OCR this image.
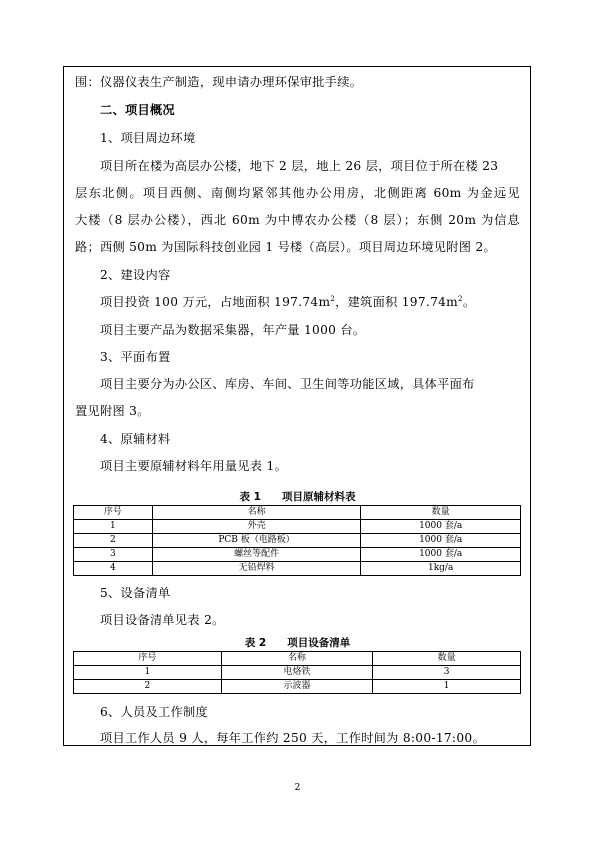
围：仪器仪表生产制造，现申请办理环保审批手续。
二、项目概况
1、项目周边环境
项目所在楼为高层办公楼，地下 2 层，地上 26 层，项目位于所在楼 23
层东北侧。项目西侧、南侧均紧邻其他办公用房，北侧距离 60m 为金远见
大楼（8 层办公楼），西北 60m 为中博农办公楼（8 层）；东侧 20m 为信息
路；西侧 50m 为国际科技创业园 1 号楼（高层）。项目周边环境见附图 2。
2、建设内容
项目投资 100 万元，占地面积 $197.74m^2$，建筑面积 $197.74m^2$。
项目主要产品为数据采集器，年产量 1000 台。
3、平面布置
项目主要分为办公区、库房、车间、卫生间等功能区域，具体平面布
置见附图 3。
4、原辅材料
项目主要原辅材料年用量见表 1。
表 1　　项目原辅材料表
序号	名称	数量
1	外壳	1000 套/a
2	PCB 板（电路板）	1000 套/a
3	螺丝等配件	1000 套/a
4	无铅焊料	1kg/a
5、设备清单
项目设备清单见表 2。
表 2　　项目设备清单
序号	名称	数量
1	电烙铁	3
2	示波器	1
6、人员及工作制度
项目工作人员 9 人，每年工作约 250 天，工作时间为 8:00-17:00。
2
